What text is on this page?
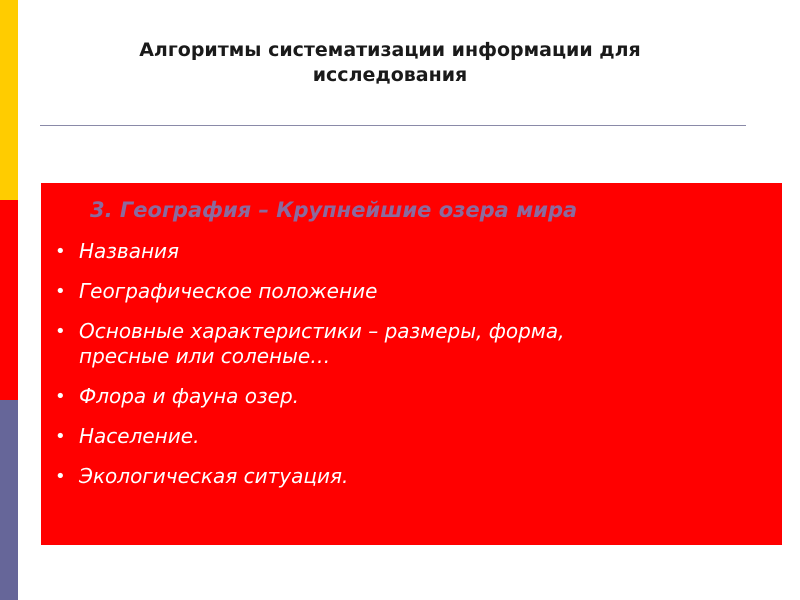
Алгоритмы систематизации информации для
исследования
3. География – Крупнейшие озера мира
• Названия
• Географическое положение
• Основные характеристики – размеры, форма,
пресные или соленые…
• Флора и фауна озер.
• Население.
• Экологическая ситуация.
